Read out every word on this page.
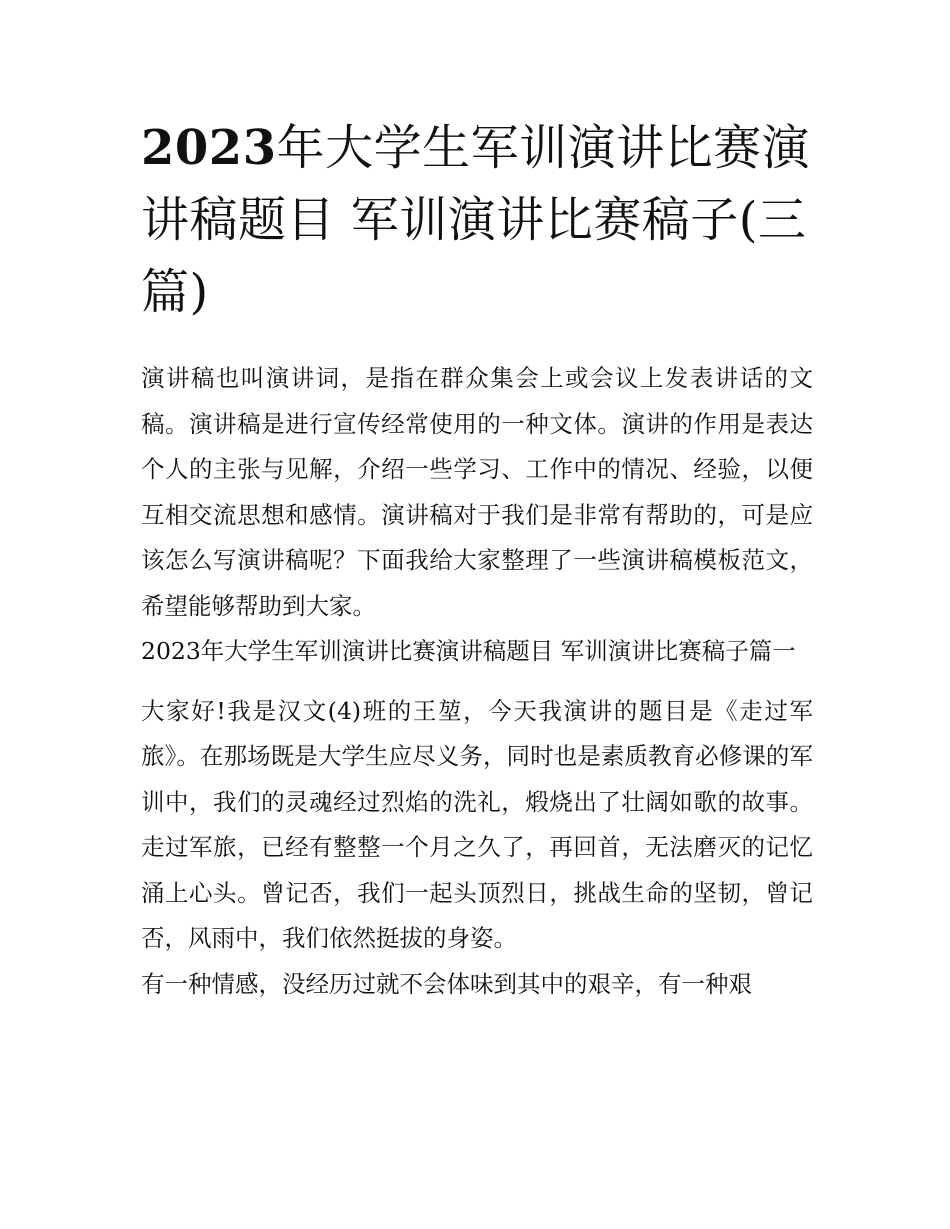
2023年大学生军训演讲比赛演讲稿题目 军训演讲比赛稿子(三篇)

演讲稿也叫演讲词，是指在群众集会上或会议上发表讲话的文稿。演讲稿是进行宣传经常使用的一种文体。演讲的作用是表达个人的主张与见解，介绍一些学习、工作中的情况、经验，以便互相交流思想和感情。演讲稿对于我们是非常有帮助的，可是应该怎么写演讲稿呢？下面我给大家整理了一些演讲稿模板范文，希望能够帮助到大家。

2023年大学生军训演讲比赛演讲稿题目 军训演讲比赛稿子篇一

大家好!我是汉文(4)班的王堃，今天我演讲的题目是《走过军旅》。在那场既是大学生应尽义务，同时也是素质教育必修课的军训中，我们的灵魂经过烈焰的洗礼，煅烧出了壮阔如歌的故事。走过军旅，已经有整整一个月之久了，再回首，无法磨灭的记忆涌上心头。曾记否，我们一起头顶烈日，挑战生命的坚韧，曾记否，风雨中，我们依然挺拔的身姿。

有一种情感，没经历过就不会体味到其中的艰辛，有一种艰
